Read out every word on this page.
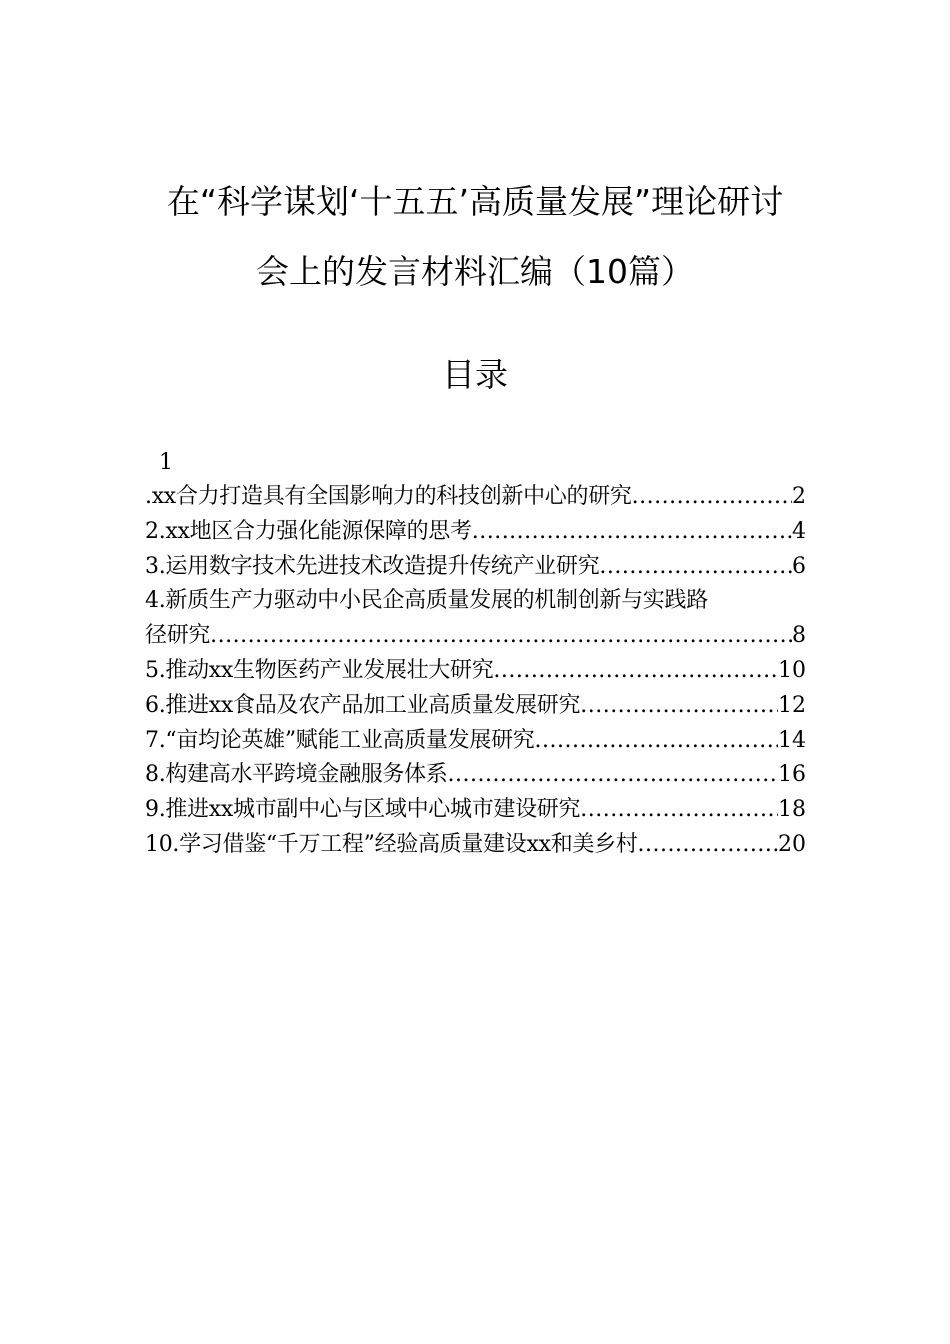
在“科学谋划‘十五五’高质量发展”理论研讨
会上的发言材料汇编（10篇）
目录
1
.xx合力打造具有全国影响力的科技创新中心的研究 .....	2
2.xx地区合力强化能源保障的思考 .....	4
3.运用数字技术先进技术改造提升传统产业研究 .....	6
4.新质生产力驱动中小民企高质量发展的机制创新与实践路
径研究 .....	8
5.推动xx生物医药产业发展壮大研究 .....	10
6.推进xx食品及农产品加工业高质量发展研究 .....	12
7.“亩均论英雄”赋能工业高质量发展研究 .....	14
8.构建高水平跨境金融服务体系 .....	16
9.推进xx城市副中心与区域中心城市建设研究 .....	18
10.学习借鉴“千万工程”经验高质量建设xx和美乡村 .....	20
